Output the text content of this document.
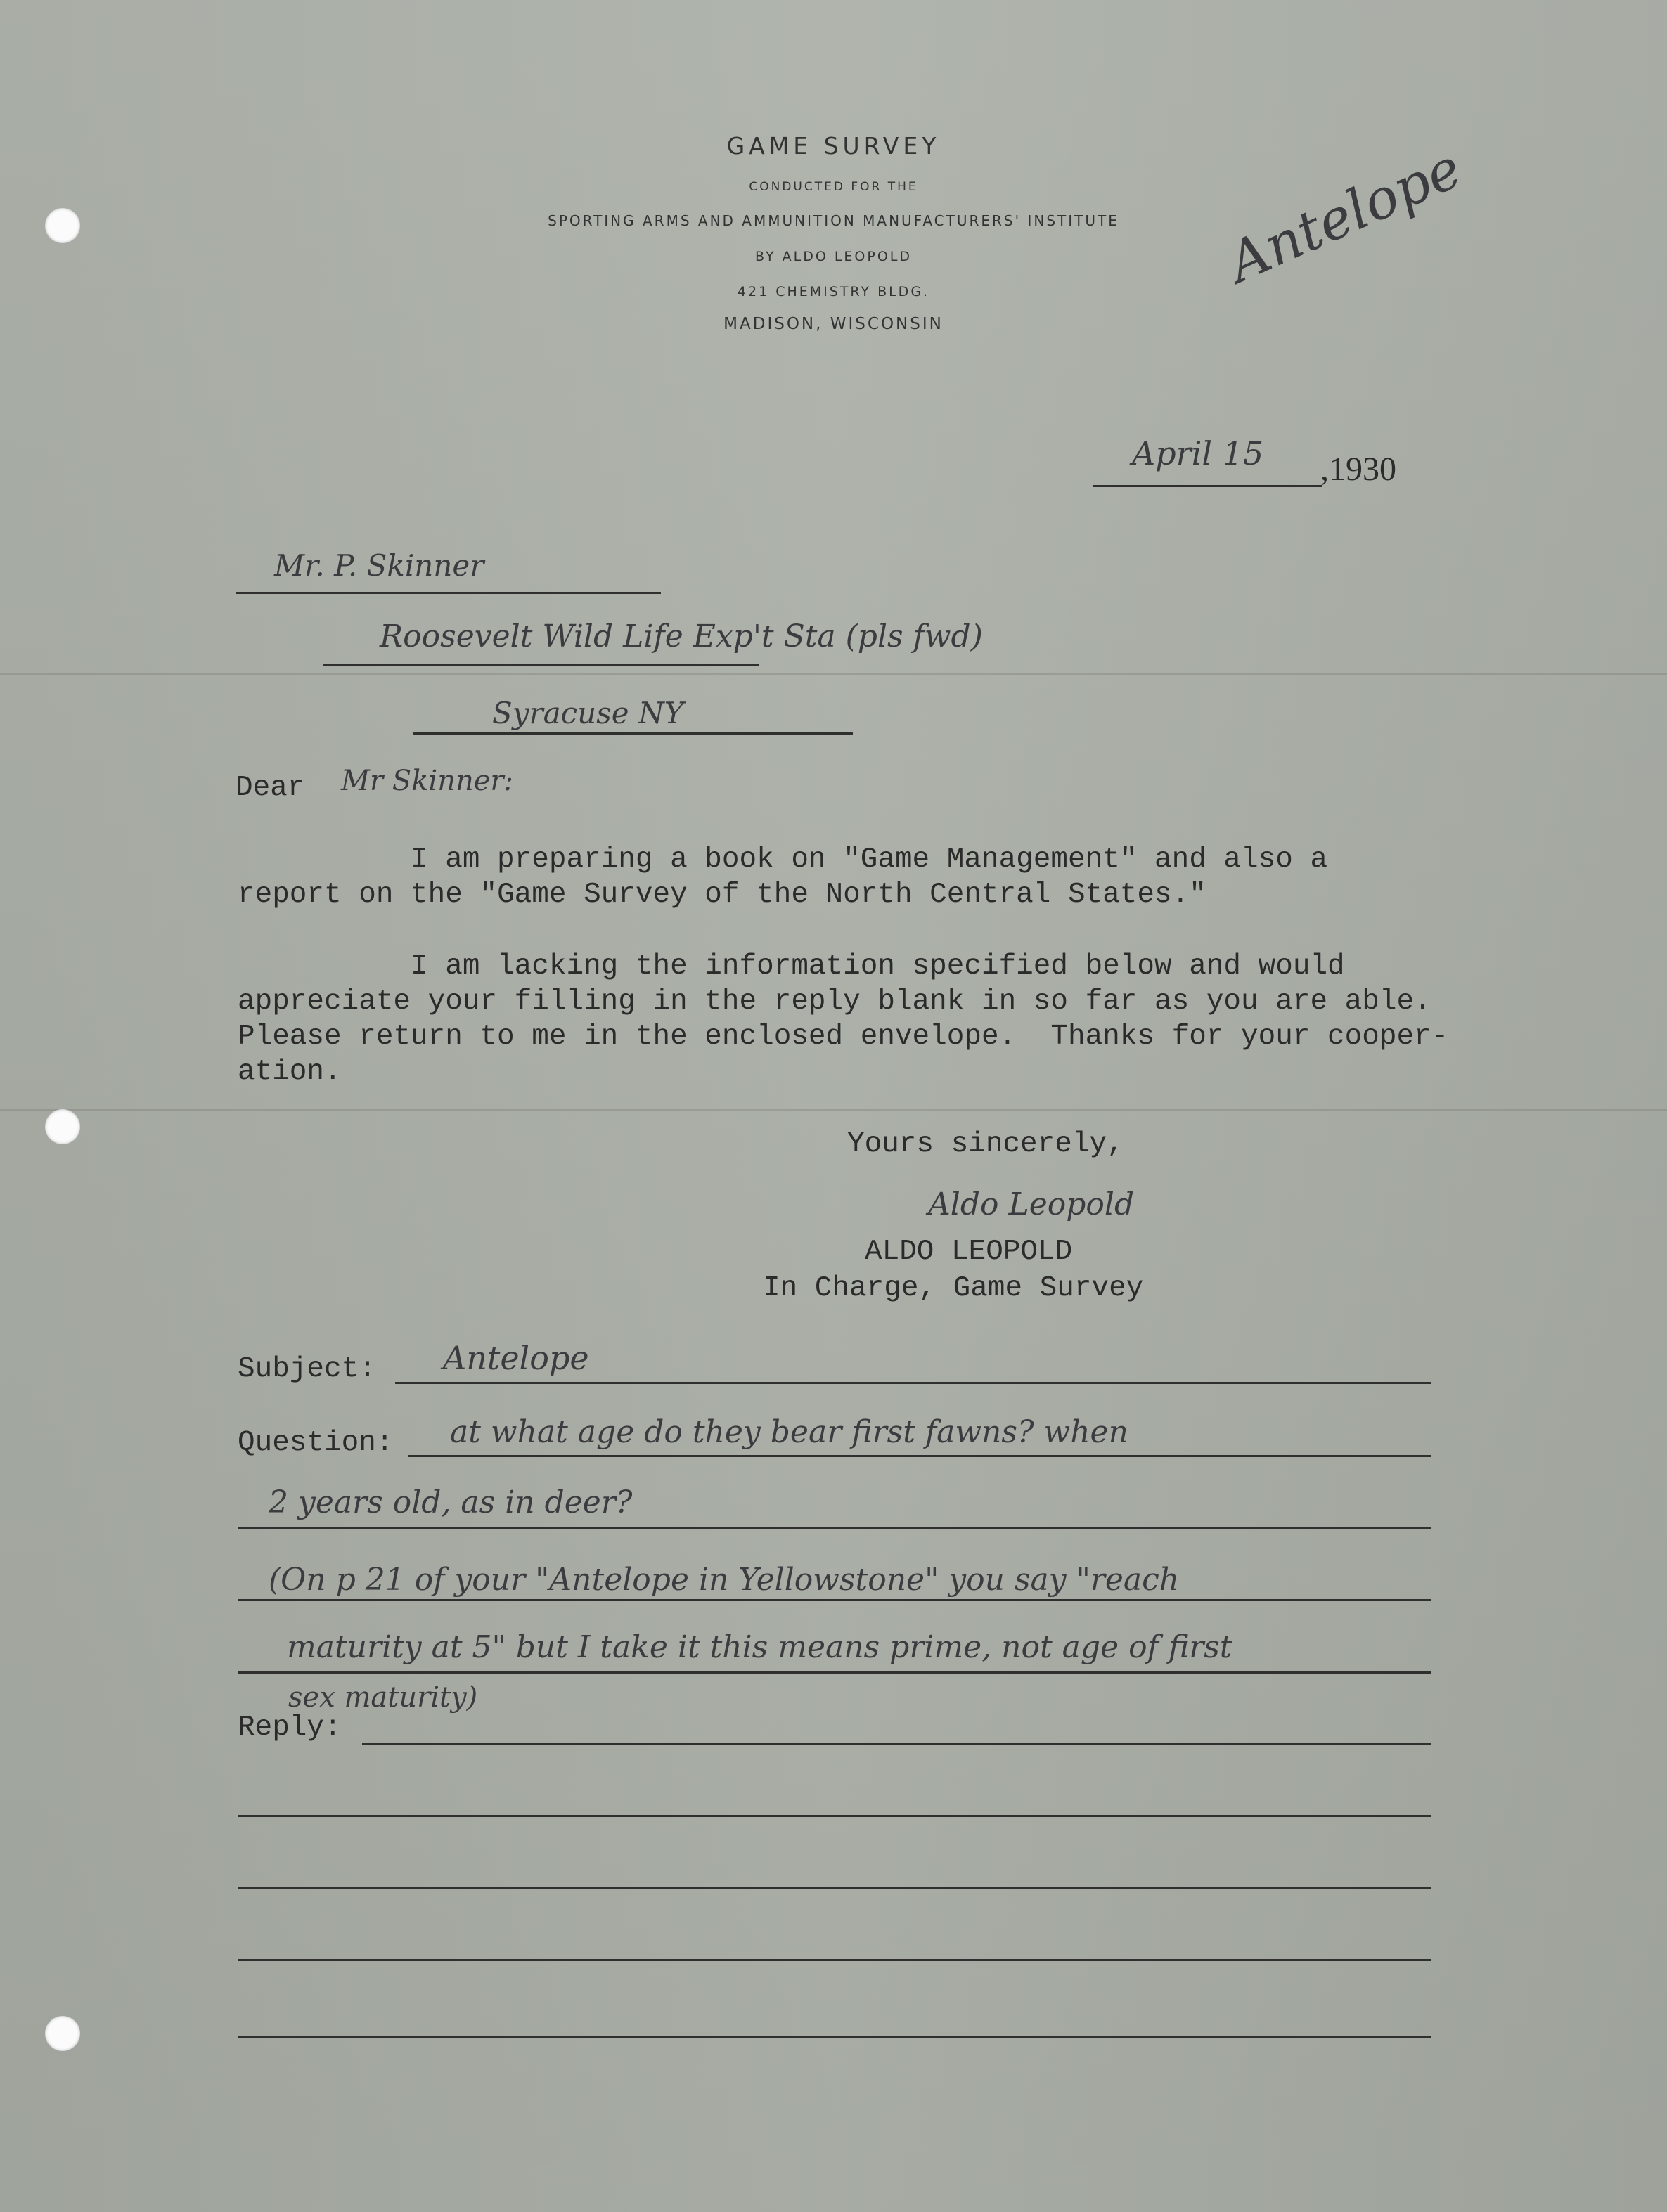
GAME SURVEY
CONDUCTED FOR THE
SPORTING ARMS AND AMMUNITION MANUFACTURERS' INSTITUTE
BY ALDO LEOPOLD
421 CHEMISTRY BLDG.
MADISON, WISCONSIN
Antelope
April 15 ,1930
Mr. P. Skinner
Roosevelt Wild Life Exp't Sta (pls fwd)
Syracuse NY
Dear Mr Skinner:
I am preparing a book on "Game Management" and also a
report on the "Game Survey of the North Central States."
I am lacking the information specified below and would
appreciate your filling in the reply blank in so far as you are able.
Please return to me in the enclosed envelope.  Thanks for your cooper-
ation.
Yours sincerely,
Aldo Leopold
ALDO LEOPOLD
In Charge, Game Survey
Subject: Antelope
Question: at what age do they bear first fawns? when
2 years old, as in deer?
(On p 21 of your "Antelope in Yellowstone" you say "reach
maturity at 5" but I take it this means prime, not age of first
sex maturity)
Reply:
